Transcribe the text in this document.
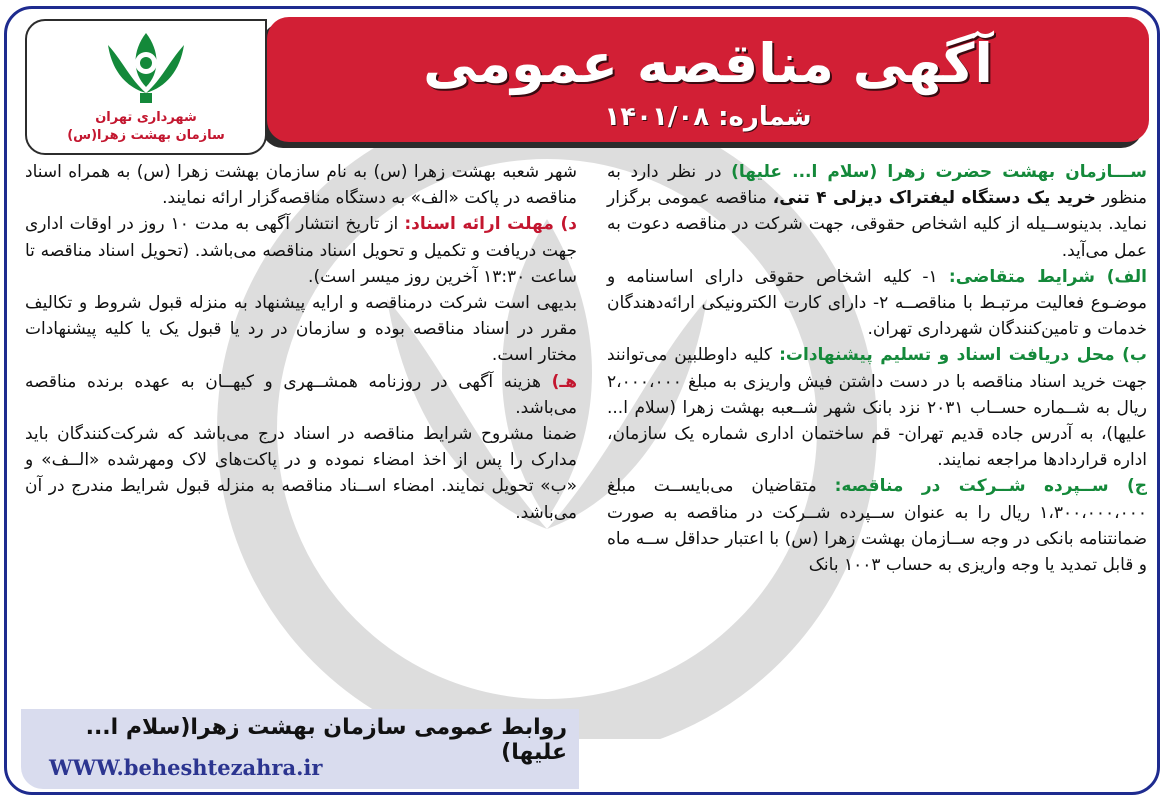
آگهی مناقصه عمومی
شماره: ۱۴۰۱/۰۸
شهرداری تهران
سازمان بهشت زهرا(س)

ســـازمان بهشت حضرت زهرا (سلام ا... علیها) در نظر دارد به منظور خرید یک دستگاه لیفتراک دیزلی ۴ تنی، مناقصه عمومی برگزار نماید. بدینوســیله از کلیه اشخاص حقوقی، جهت شرکت در مناقصه دعوت به عمل می‌آید.

الف) شرایط متقاضی: ۱- کلیه اشخاص حقوقی دارای اساسنامه و موضـوع فعالیت مرتبـط با مناقصــه ۲- دارای کارت الکترونیکی ارائه‌دهندگان خدمات و تامین‌کنندگان شهرداری تهران.

ب) محل دریافت اسناد و تسلیم پیشنهادات: کلیه داوطلبین می‌توانند جهت خرید اسناد مناقصه با در دست داشتن فیش واریزی به مبلغ ۲،۰۰۰،۰۰۰ ریال به شــماره حســاب ۲۰۳۱ نزد بانک شهر شــعبه بهشت زهرا (سلام ا... علیها)، به آدرس جاده قدیم تهران- قم ساختمان اداری شماره یک سازمان، اداره قراردادها مراجعه نمایند.

ج) ســپرده شــرکت در مناقصه: متقاضیان می‌بایســت مبلغ ۱،۳۰۰،۰۰۰،۰۰۰ ریال را به عنوان ســپرده شــرکت در مناقصه به صورت ضمانتنامه بانکی در وجه ســازمان بهشت زهرا (س) با اعتبار حداقل ســه ماه و قابل تمدید یا وجه واریزی به حساب ۱۰۰۳ بانک

شهر شعبه بهشت زهرا (س) به نام سازمان بهشت زهرا (س) به همراه اسناد مناقصه در پاکت «الف» به دستگاه مناقصه‌گزار ارائه نمایند.

د) مهلت ارائه اسناد: از تاریخ انتشار آگهی به مدت ۱۰ روز در اوقات اداری جهت دریافت و تکمیل و تحویل اسناد مناقصه می‌باشد. (تحویل اسناد مناقصه تا ساعت ۱۳:۳۰ آخرین روز میسر است).

بدیهی است شرکت درمناقصه و ارایه پیشنهاد به منزله قبول شروط و تکالیف مقرر در اسناد مناقصه بوده و سازمان در رد یا قبول یک یا کلیه پیشنهادات مختار است.

هـ) هزینه آگهی در روزنامه همشــهری و کیهــان به عهده برنده مناقصه می‌باشد.

ضمنا مشروح شرایط مناقصه در اسناد درج می‌باشد که شرکت‌کنندگان باید مدارک را پس از اخذ امضاء نموده و در پاکت‌های لاک ومهرشده «الــف» و «ب» تحویل نمایند. امضاء اســناد مناقصه به منزله قبول شرایط مندرج در آن می‌باشد.

روابط عمومی سازمان بهشت زهرا(سلام ا... علیها)
WWW.beheshtezahra.ir
